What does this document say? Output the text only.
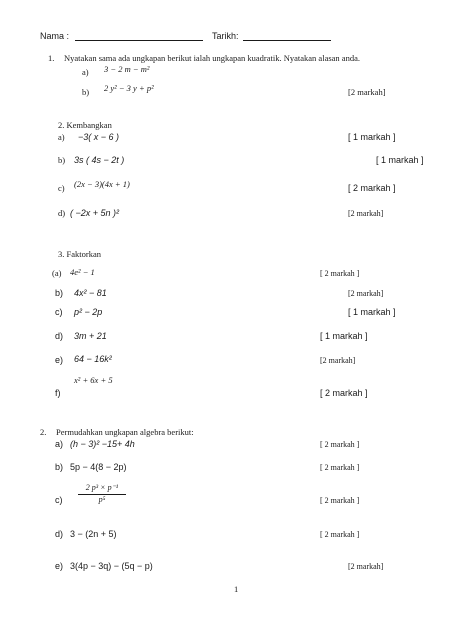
Nama :	Tarikh:
1. Nyatakan sama ada ungkapan berikut ialah ungkapan kuadratik. Nyatakan alasan anda.
a) 3 − 2 m − m²
b) 2 y² − 3 y + p²	[2 markah]
2. Kembangkan
a) −3( x − 6 )	[ 1 markah ]
b) 3s ( 4s − 2t )	[ 1 markah ]
c) (2x − 3)(4x + 1)	[ 2 markah ]
d) ( −2x + 5n )²	[2 markah]
3. Faktorkan
(a) 4e² − 1	[ 2 markah ]
b) 4x² − 81	[2 markah]
c) p² − 2p	[ 1 markah ]
d) 3m + 21	[ 1 markah ]
e) 64 − 16k²	[2 markah]
x² + 6x + 5
f)	[ 2 markah ]
2. Permudahkan ungkapan algebra berikut:
a) (h − 3)² −15+ 4h	[ 2 markah ]
b) 5p − 4(8 − 2p)	[ 2 markah ]
c)
2 p³ × p⁻¹
p⁵	[ 2 markah ]
d) 3 − (2n + 5)	[ 2 markah ]
e) 3(4p − 3q) − (5q − p)	[2 markah]
1
